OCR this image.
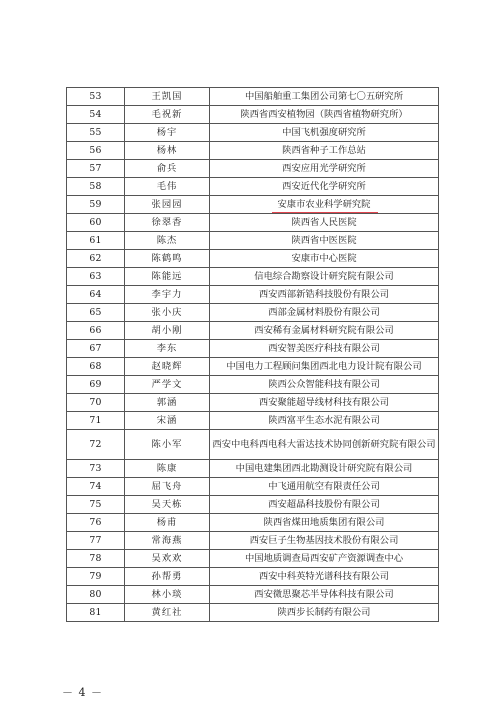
53	王凯国	中国船舶重工集团公司第七〇五研究所
54	毛祝新	陕西省西安植物园（陕西省植物研究所）
55	杨宇	中国飞机强度研究所
56	杨林	陕西省种子工作总站
57	俞兵	西安应用光学研究所
58	毛伟	西安近代化学研究所
59	张园园	安康市农业科学研究院
60	徐翠香	陕西省人民医院
61	陈杰	陕西省中医医院
62	陈鹤鸣	安康市中心医院
63	陈能远	信电综合勘察设计研究院有限公司
64	李宇力	西安西部新锆科技股份有限公司
65	张小庆	西部金属材料股份有限公司
66	胡小刚	西安稀有金属材料研究院有限公司
67	李东	西安智美医疗科技有限公司
68	赵晓辉	中国电力工程顾问集团西北电力设计院有限公司
69	严学文	陕西公众智能科技有限公司
70	郭涵	西安聚能超导线材科技有限公司
71	宋涵	陕西富平生态水泥有限公司
72	陈小军	西安中电科西电科大雷达技术协同创新研究院有限公司
73	陈康	中国电建集团西北勘测设计研究院有限公司
74	屈飞舟	中飞通用航空有限责任公司
75	吴天栋	西安超晶科技股份有限公司
76	杨甫	陕西省煤田地质集团有限公司
77	常海燕	西安巨子生物基因技术股份有限公司
78	吴欢欢	中国地质调查局西安矿产资源调查中心
79	孙帮勇	西安中科英特光谱科技有限公司
80	林小琰	西安微思聚芯半导体科技有限公司
81	黄红社	陕西步长制药有限公司
－ 4 －
